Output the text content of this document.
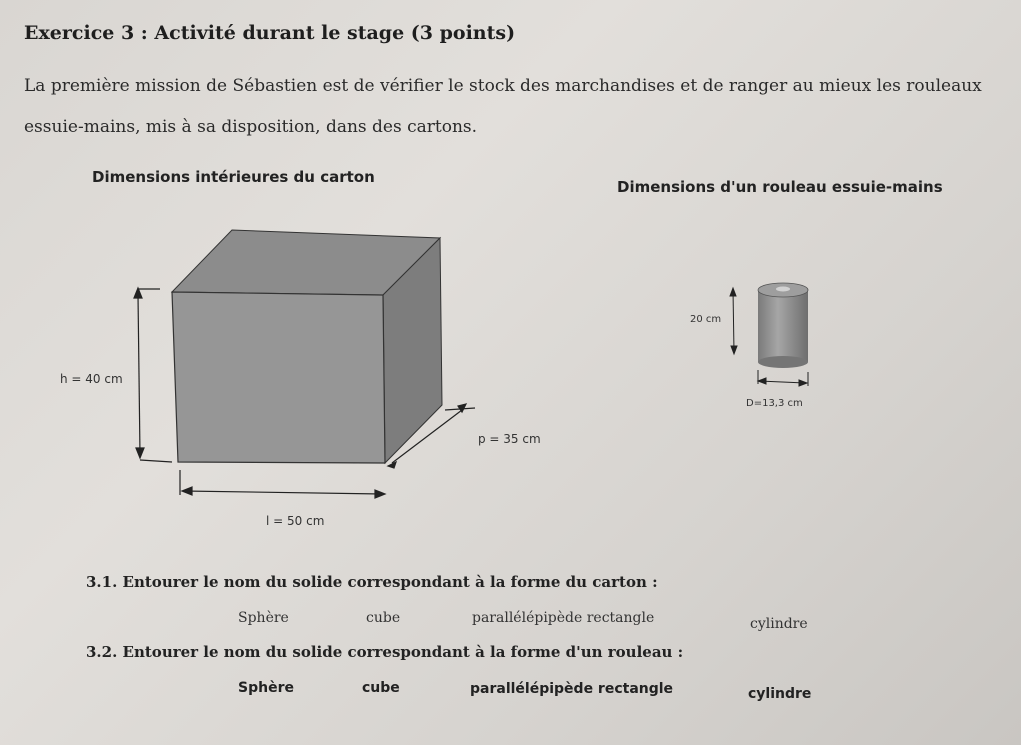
Exercice 3 : Activité durant le stage (3 points)
La première mission de Sébastien est de vérifier le stock des marchandises et de ranger au mieux les rouleaux essuie-mains, mis à sa disposition, dans des cartons.
Dimensions intérieures du carton
Dimensions d'un rouleau essuie-mains
h = 40 cm
p = 35 cm
l = 50 cm
20 cm
D=13,3 cm
3.1. Entourer le nom du solide correspondant à la forme du carton :
Sphère	cube	parallélépipède rectangle	cylindre
3.2. Entourer le nom du solide correspondant à la forme d'un rouleau :
Sphère	cube	parallélépipède rectangle	cylindre
